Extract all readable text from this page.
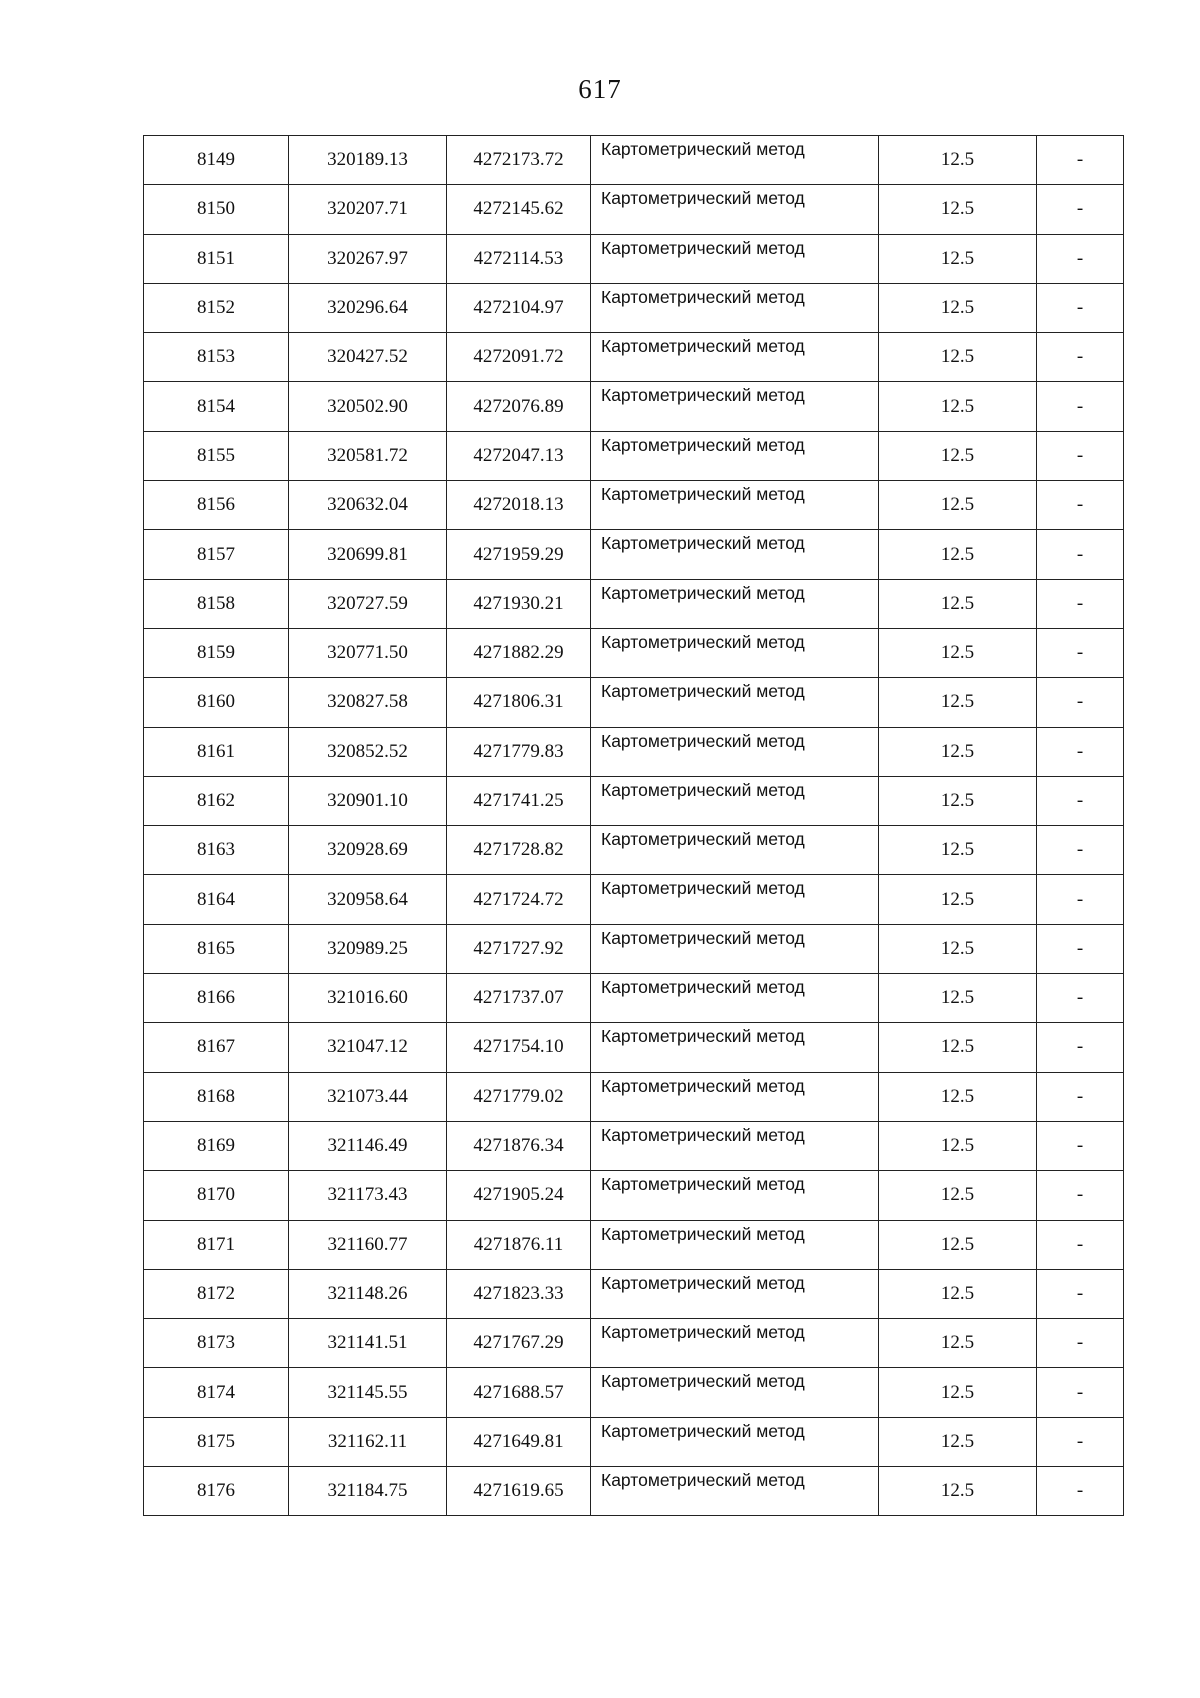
617
8149	320189.13	4272173.72	Картометрический метод	12.5	-
8150	320207.71	4272145.62	Картометрический метод	12.5	-
8151	320267.97	4272114.53	Картометрический метод	12.5	-
8152	320296.64	4272104.97	Картометрический метод	12.5	-
8153	320427.52	4272091.72	Картометрический метод	12.5	-
8154	320502.90	4272076.89	Картометрический метод	12.5	-
8155	320581.72	4272047.13	Картометрический метод	12.5	-
8156	320632.04	4272018.13	Картометрический метод	12.5	-
8157	320699.81	4271959.29	Картометрический метод	12.5	-
8158	320727.59	4271930.21	Картометрический метод	12.5	-
8159	320771.50	4271882.29	Картометрический метод	12.5	-
8160	320827.58	4271806.31	Картометрический метод	12.5	-
8161	320852.52	4271779.83	Картометрический метод	12.5	-
8162	320901.10	4271741.25	Картометрический метод	12.5	-
8163	320928.69	4271728.82	Картометрический метод	12.5	-
8164	320958.64	4271724.72	Картометрический метод	12.5	-
8165	320989.25	4271727.92	Картометрический метод	12.5	-
8166	321016.60	4271737.07	Картометрический метод	12.5	-
8167	321047.12	4271754.10	Картометрический метод	12.5	-
8168	321073.44	4271779.02	Картометрический метод	12.5	-
8169	321146.49	4271876.34	Картометрический метод	12.5	-
8170	321173.43	4271905.24	Картометрический метод	12.5	-
8171	321160.77	4271876.11	Картометрический метод	12.5	-
8172	321148.26	4271823.33	Картометрический метод	12.5	-
8173	321141.51	4271767.29	Картометрический метод	12.5	-
8174	321145.55	4271688.57	Картометрический метод	12.5	-
8175	321162.11	4271649.81	Картометрический метод	12.5	-
8176	321184.75	4271619.65	Картометрический метод	12.5	-
